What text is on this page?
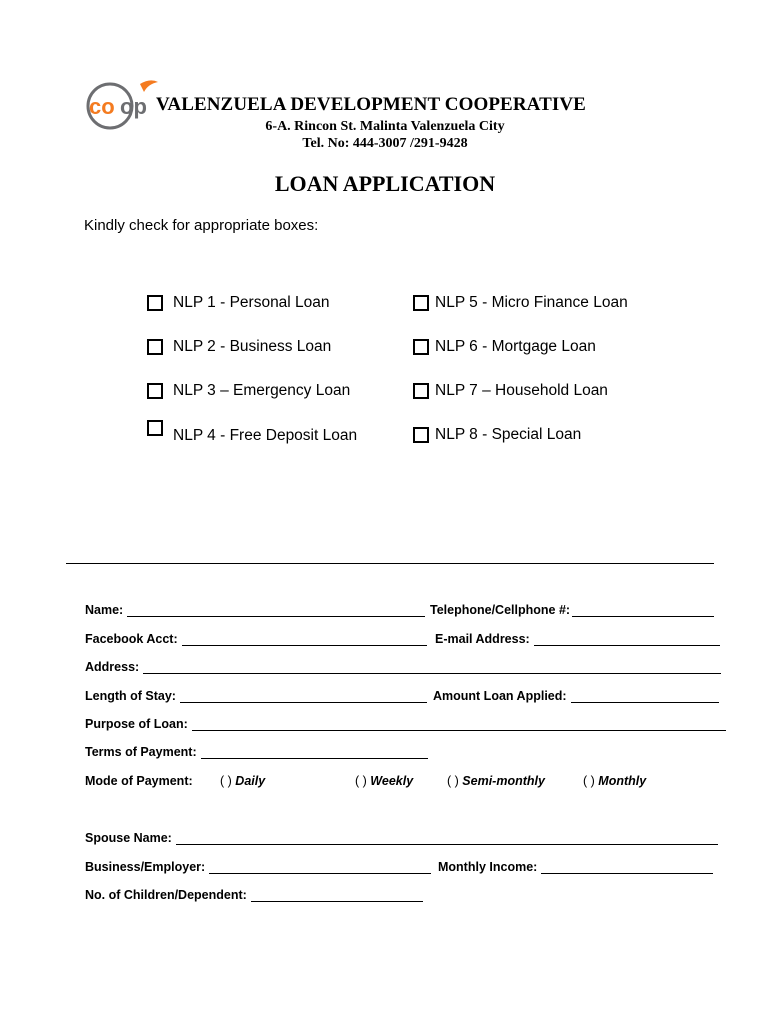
co op VALENZUELA DEVELOPMENT COOPERATIVE
6-A. Rincon St. Malinta Valenzuela City
Tel. No: 444-3007 /291-9428
LOAN APPLICATION
Kindly check for appropriate boxes:
NLP 1 - Personal Loan
NLP 2 - Business Loan
NLP 3 – Emergency Loan
NLP 4 - Free Deposit Loan
NLP 5 - Micro Finance Loan
NLP 6 - Mortgage Loan
NLP 7 – Household Loan
NLP 8 - Special Loan
Name:	Telephone/Cellphone #:
Facebook Acct:	E-mail Address:
Address:
Length of Stay:	Amount Loan Applied:
Purpose of Loan:
Terms of Payment:
Mode of Payment: ( ) Daily	( ) Weekly	( ) Semi-monthly	( ) Monthly
Spouse Name:
Business/Employer:	Monthly Income:
No. of Children/Dependent:
